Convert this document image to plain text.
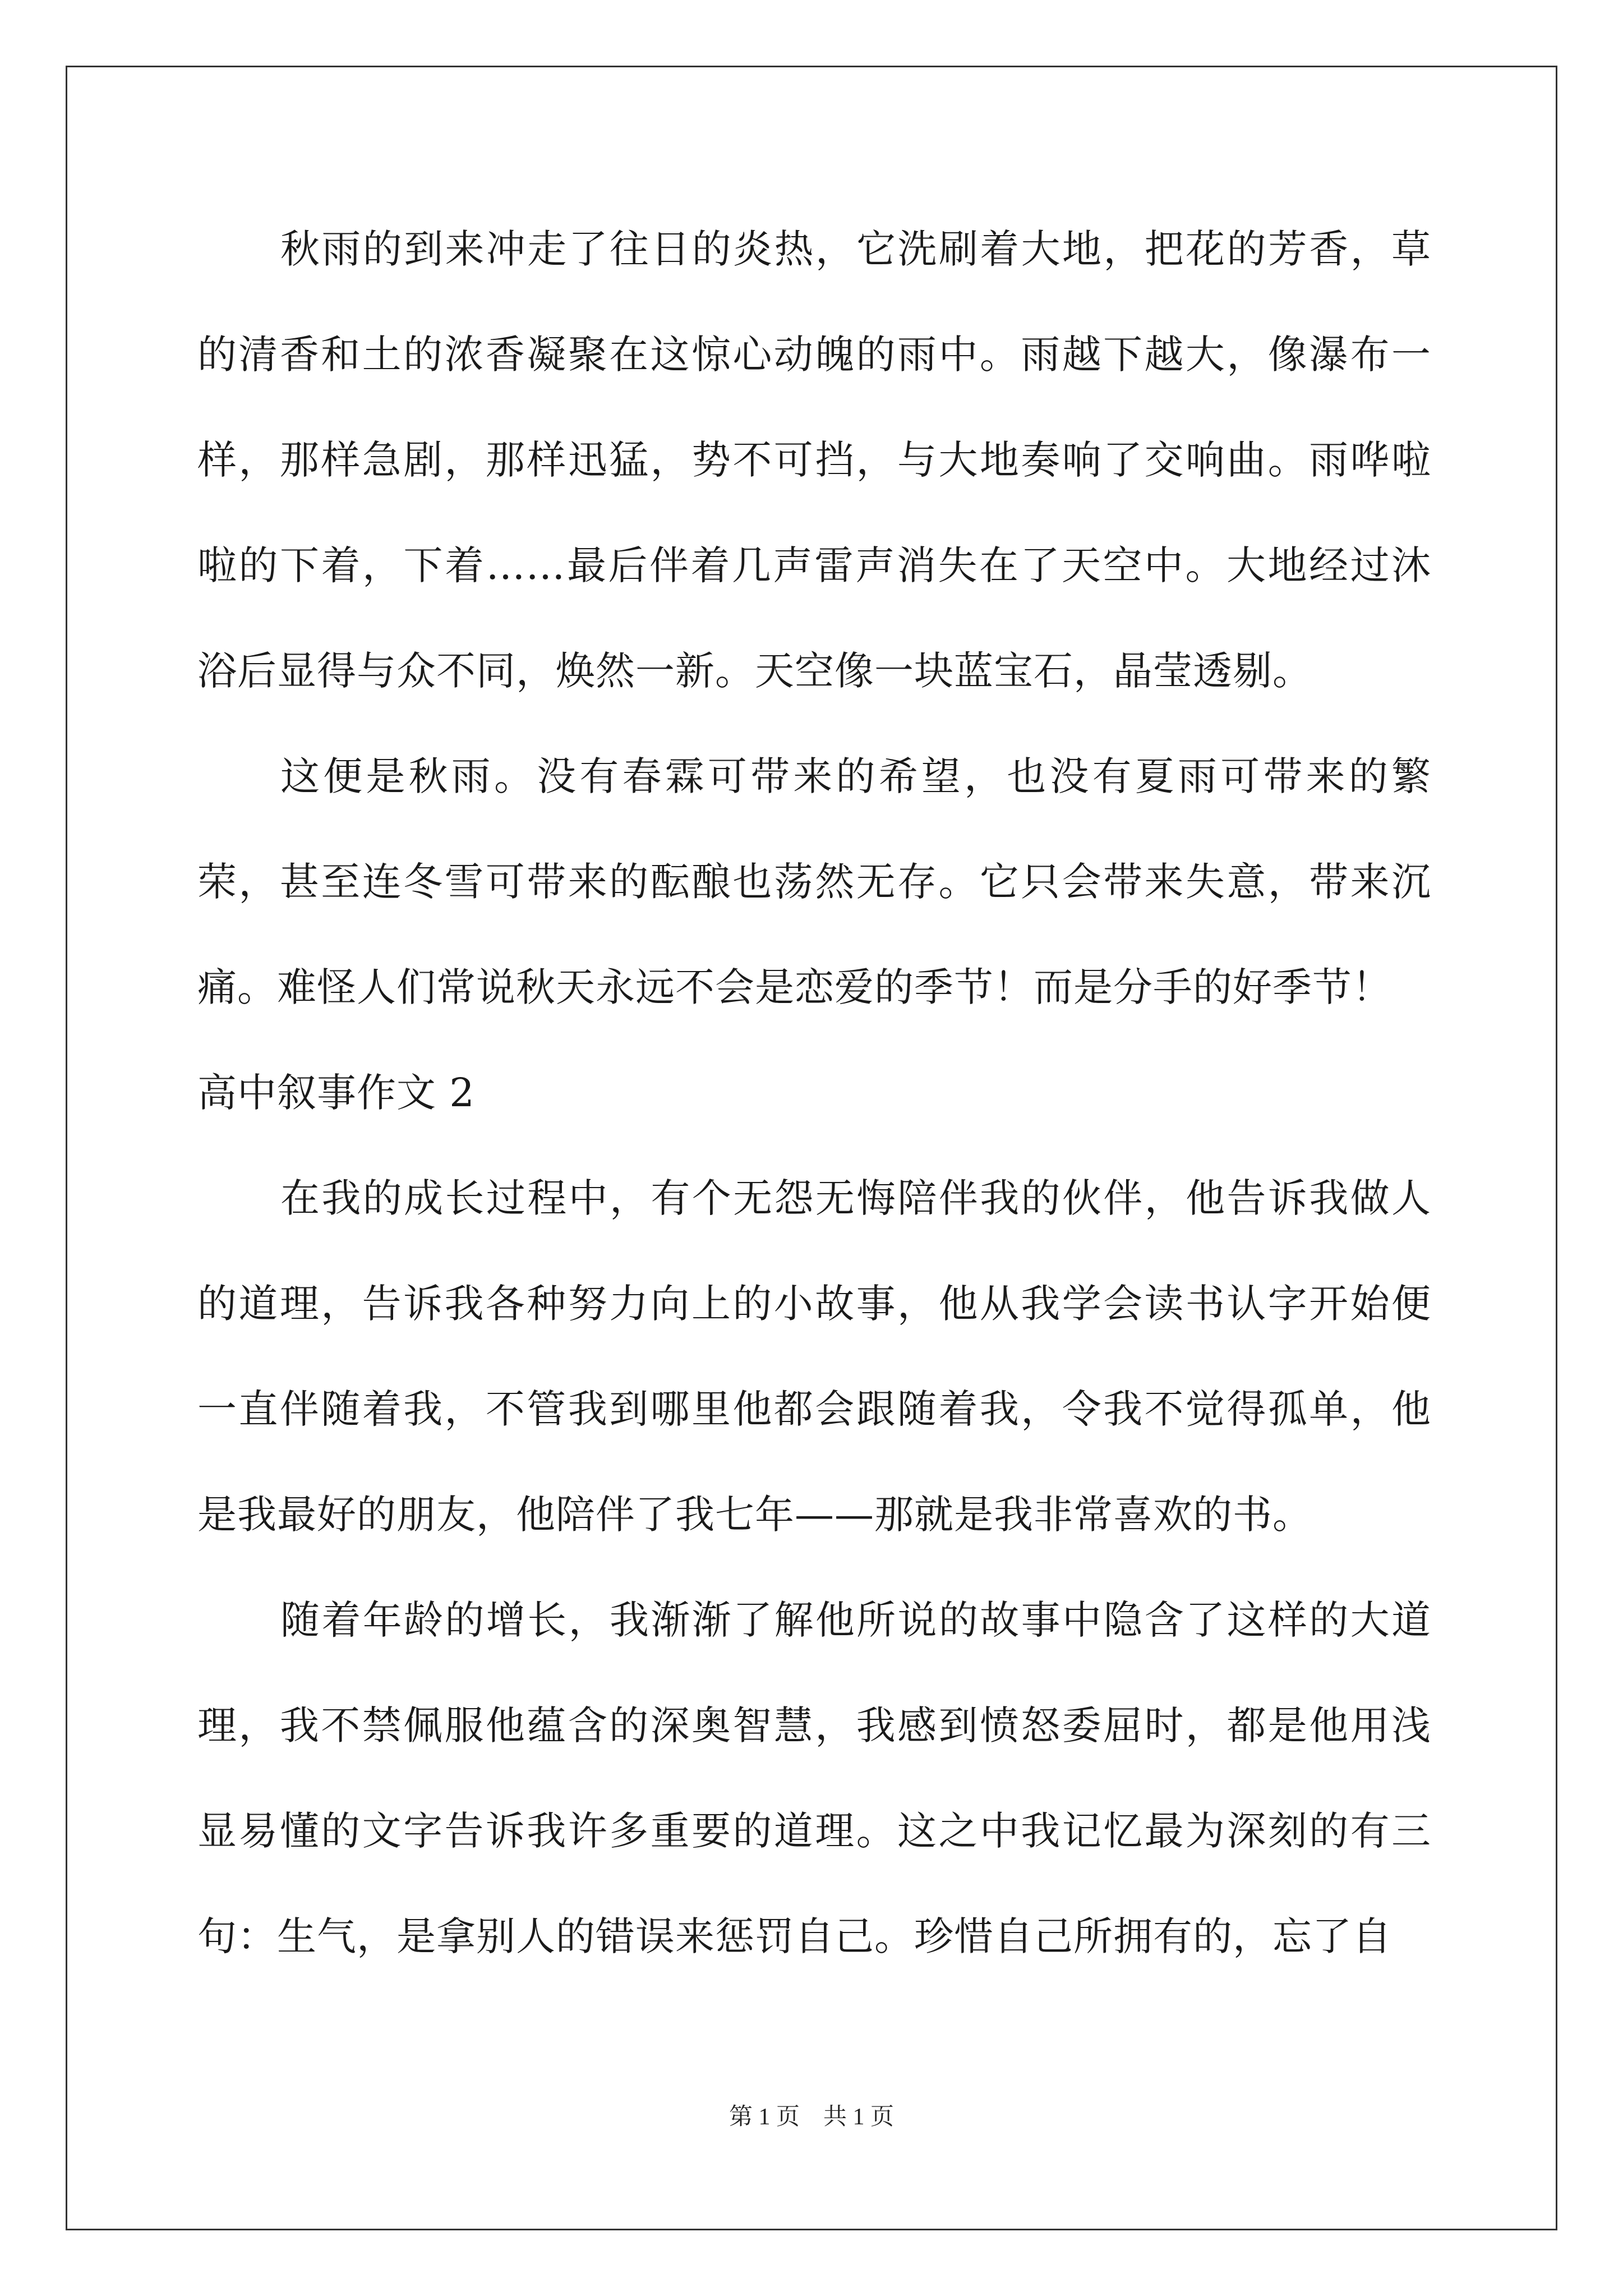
秋雨的到来冲走了往日的炎热，它洗刷着大地，把花的芳香，草的清香和土的浓香凝聚在这惊心动魄的雨中。雨越下越大，像瀑布一样，那样急剧，那样迅猛，势不可挡，与大地奏响了交响曲。雨哗啦啦的下着，下着……最后伴着几声雷声消失在了天空中。大地经过沐浴后显得与众不同，焕然一新。天空像一块蓝宝石，晶莹透剔。

这便是秋雨。没有春霖可带来的希望，也没有夏雨可带来的繁荣，甚至连冬雪可带来的酝酿也荡然无存。它只会带来失意，带来沉痛。难怪人们常说秋天永远不会是恋爱的季节！而是分手的好季节！

高中叙事作文 2

在我的成长过程中，有个无怨无悔陪伴我的伙伴，他告诉我做人的道理，告诉我各种努力向上的小故事，他从我学会读书认字开始便一直伴随着我，不管我到哪里他都会跟随着我，令我不觉得孤单，他是我最好的朋友，他陪伴了我七年——那就是我非常喜欢的书。

随着年龄的增长，我渐渐了解他所说的故事中隐含了这样的大道理，我不禁佩服他蕴含的深奥智慧，我感到愤怒委屈时，都是他用浅显易懂的文字告诉我许多重要的道理。这之中我记忆最为深刻的有三句：生气，是拿别人的错误来惩罚自己。珍惜自己所拥有的，忘了自

第 1 页    共 1 页
